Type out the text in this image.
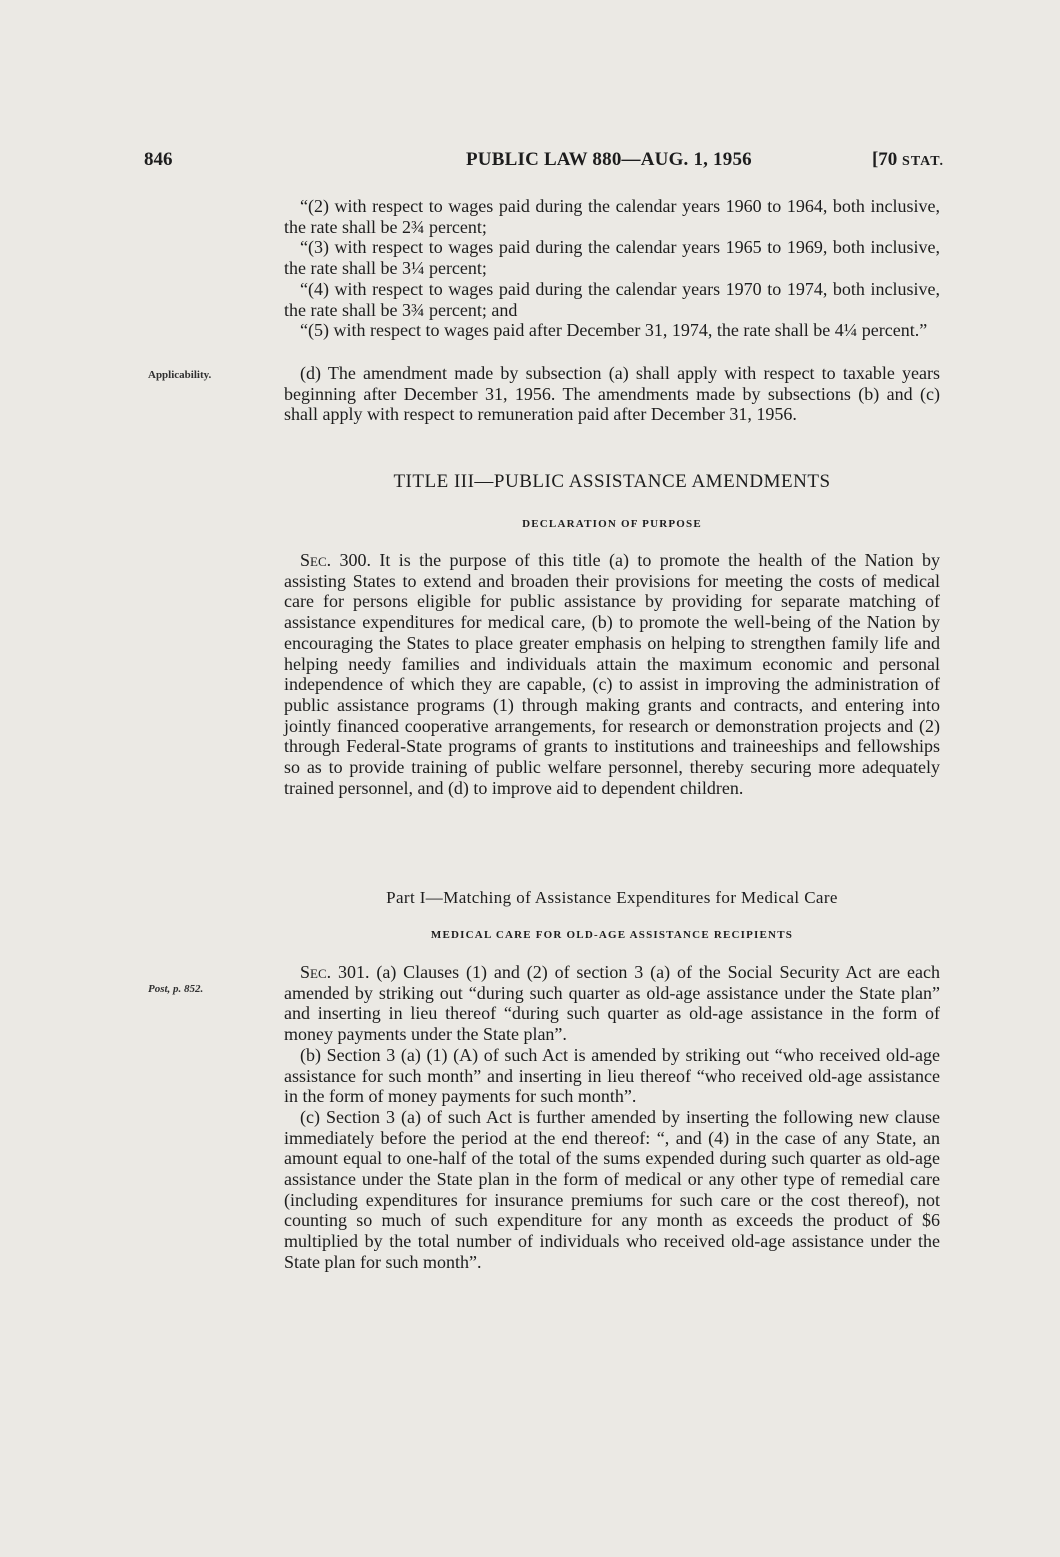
846	PUBLIC LAW 880—AUG. 1, 1956	[70 STAT.

“(2) with respect to wages paid during the calendar years 1960 to 1964, both inclusive, the rate shall be 2¾ percent;

“(3) with respect to wages paid during the calendar years 1965 to 1969, both inclusive, the rate shall be 3¼ percent;

“(4) with respect to wages paid during the calendar years 1970 to 1974, both inclusive, the rate shall be 3¾ percent; and

“(5) with respect to wages paid after December 31, 1974, the rate shall be 4¼ percent.”

Applicability.	(d) The amendment made by subsection (a) shall apply with respect to taxable years beginning after December 31, 1956. The amendments made by subsections (b) and (c) shall apply with respect to remuneration paid after December 31, 1956.

TITLE III—PUBLIC ASSISTANCE AMENDMENTS
DECLARATION OF PURPOSE

Sec. 300. It is the purpose of this title (a) to promote the health of the Nation by assisting States to extend and broaden their provisions for meeting the costs of medical care for persons eligible for public assistance by providing for separate matching of assistance expenditures for medical care, (b) to promote the well-being of the Nation by encouraging the States to place greater emphasis on helping to strengthen family life and helping needy families and individuals attain the maximum economic and personal independence of which they are capable, (c) to assist in improving the administration of public assistance programs (1) through making grants and contracts, and entering into jointly financed cooperative arrangements, for research or demonstration projects and (2) through Federal-State programs of grants to institutions and traineeships and fellowships so as to provide training of public welfare personnel, thereby securing more adequately trained personnel, and (d) to improve aid to dependent children.

Part I—Matching of Assistance Expenditures for Medical Care
MEDICAL CARE FOR OLD-AGE ASSISTANCE RECIPIENTS
Post, p. 852.

Sec. 301. (a) Clauses (1) and (2) of section 3 (a) of the Social Security Act are each amended by striking out “during such quarter as old-age assistance under the State plan” and inserting in lieu thereof “during such quarter as old-age assistance in the form of money payments under the State plan”.

(b) Section 3 (a) (1) (A) of such Act is amended by striking out “who received old-age assistance for such month” and inserting in lieu thereof “who received old-age assistance in the form of money payments for such month”.

(c) Section 3 (a) of such Act is further amended by inserting the following new clause immediately before the period at the end thereof: “, and (4) in the case of any State, an amount equal to one-half of the total of the sums expended during such quarter as old-age assistance under the State plan in the form of medical or any other type of remedial care (including expenditures for insurance premiums for such care or the cost thereof), not counting so much of such expenditure for any month as exceeds the product of $6 multiplied by the total number of individuals who received old-age assistance under the State plan for such month”.
